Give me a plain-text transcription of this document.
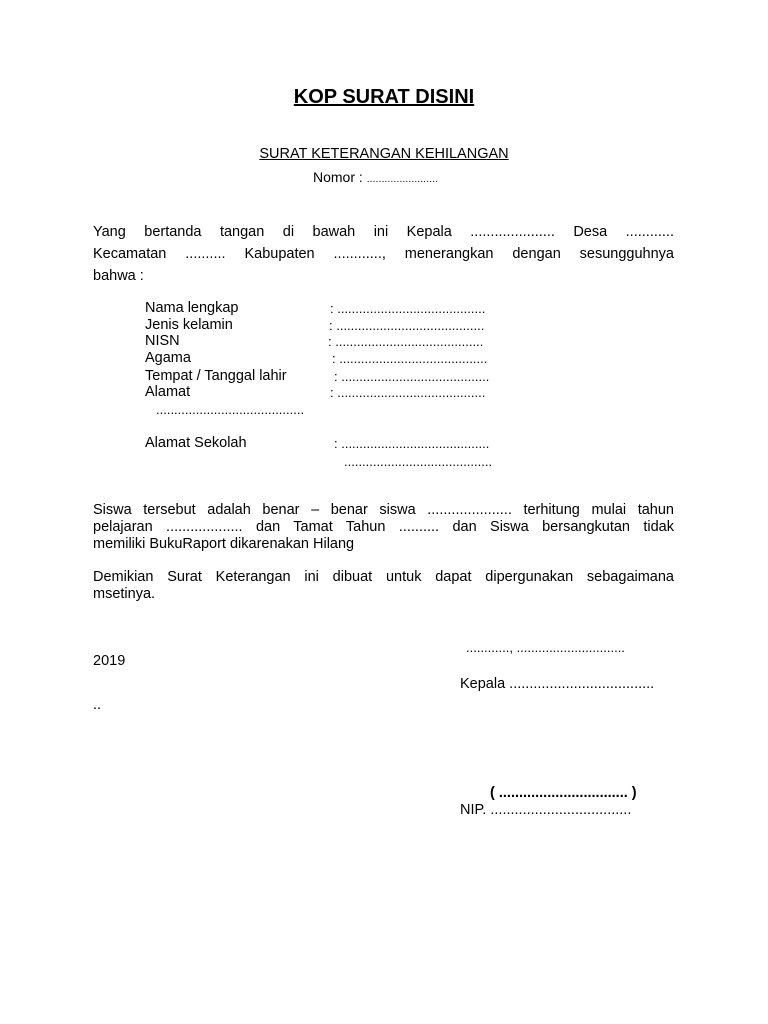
KOP SURAT DISINI
SURAT KETERANGAN KEHILANGAN
Nomor : ........................
Yang bertanda tangan di bawah ini Kepala ..................... Desa ............
Kecamatan .......... Kabupaten ............, menerangkan dengan sesungguhnya
bahwa :
Nama lengkap	: .........................................
Jenis kelamin	: .........................................
NISN	: .........................................
Agama	: .........................................
Tempat / Tanggal lahir	: .........................................
Alamat	: .........................................
.........................................
Alamat Sekolah	: .........................................
.........................................
Siswa tersebut adalah benar – benar siswa ..................... terhitung mulai tahun
pelajaran ................... dan Tamat Tahun .......... dan Siswa bersangkutan tidak
memiliki BukuRaport dikarenakan Hilang
Demikian Surat Keterangan ini dibuat untuk dapat dipergunakan sebagaimana
msetinya.
............, ..............................
2019
Kepala ....................................
..
( ................................ )
NIP. ...................................
